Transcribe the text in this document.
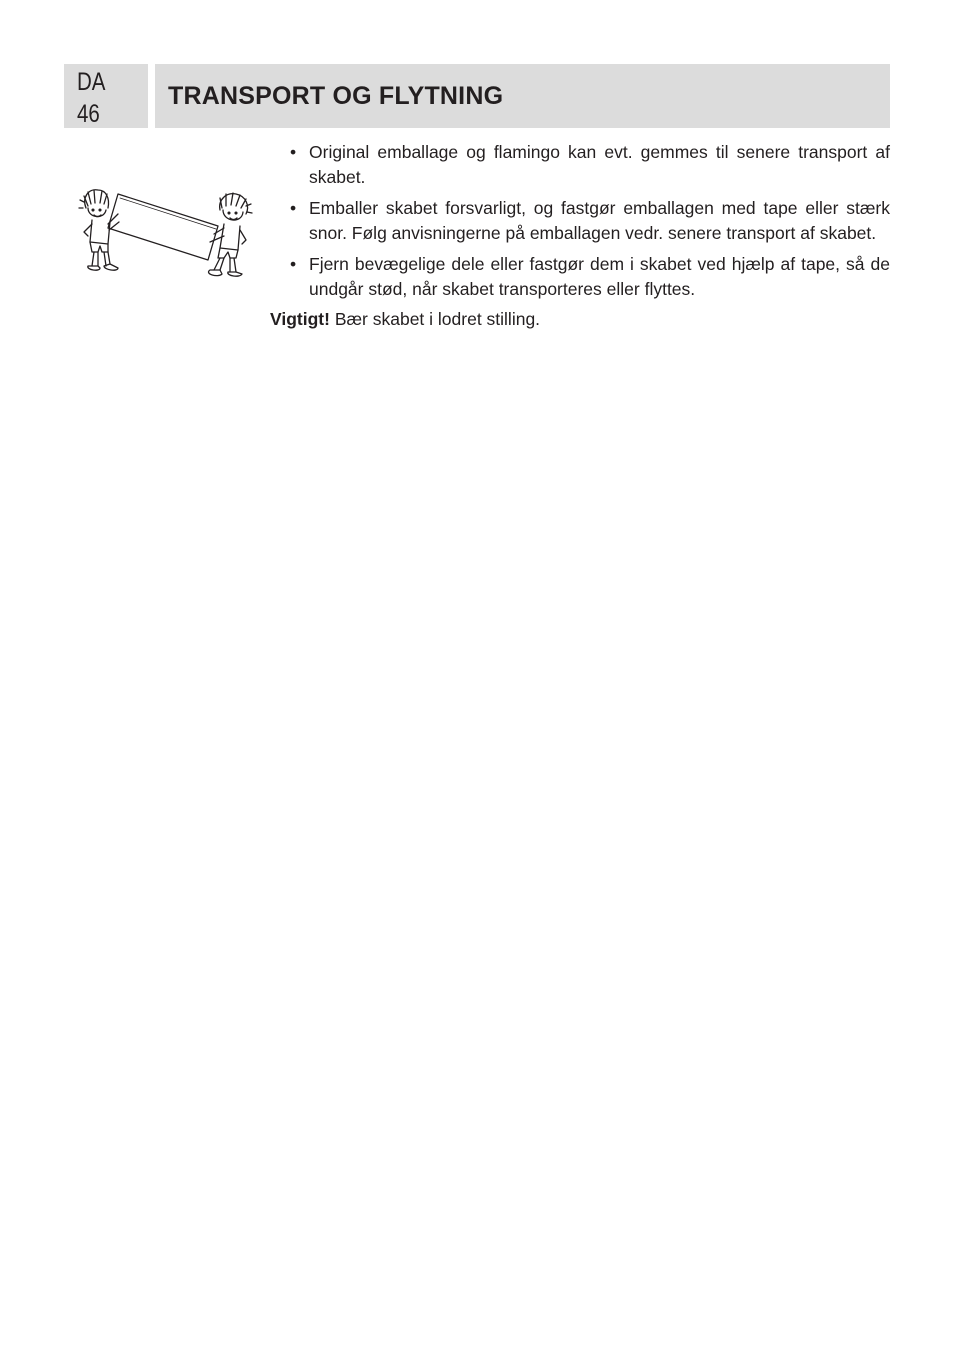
DA
46
TRANSPORT OG FLYTNING
• Original emballage og flamingo kan evt. gemmes til senere transport af skabet.
• Emballer skabet forsvarligt, og fastgør emballagen med tape eller stærk snor. Følg anvisningerne på emballagen vedr. senere transport af skabet.
• Fjern bevægelige dele eller fastgør dem i skabet ved hjælp af tape, så de undgår stød, når skabet transporteres eller flyttes.

Vigtigt! Bær skabet i lodret stilling.
